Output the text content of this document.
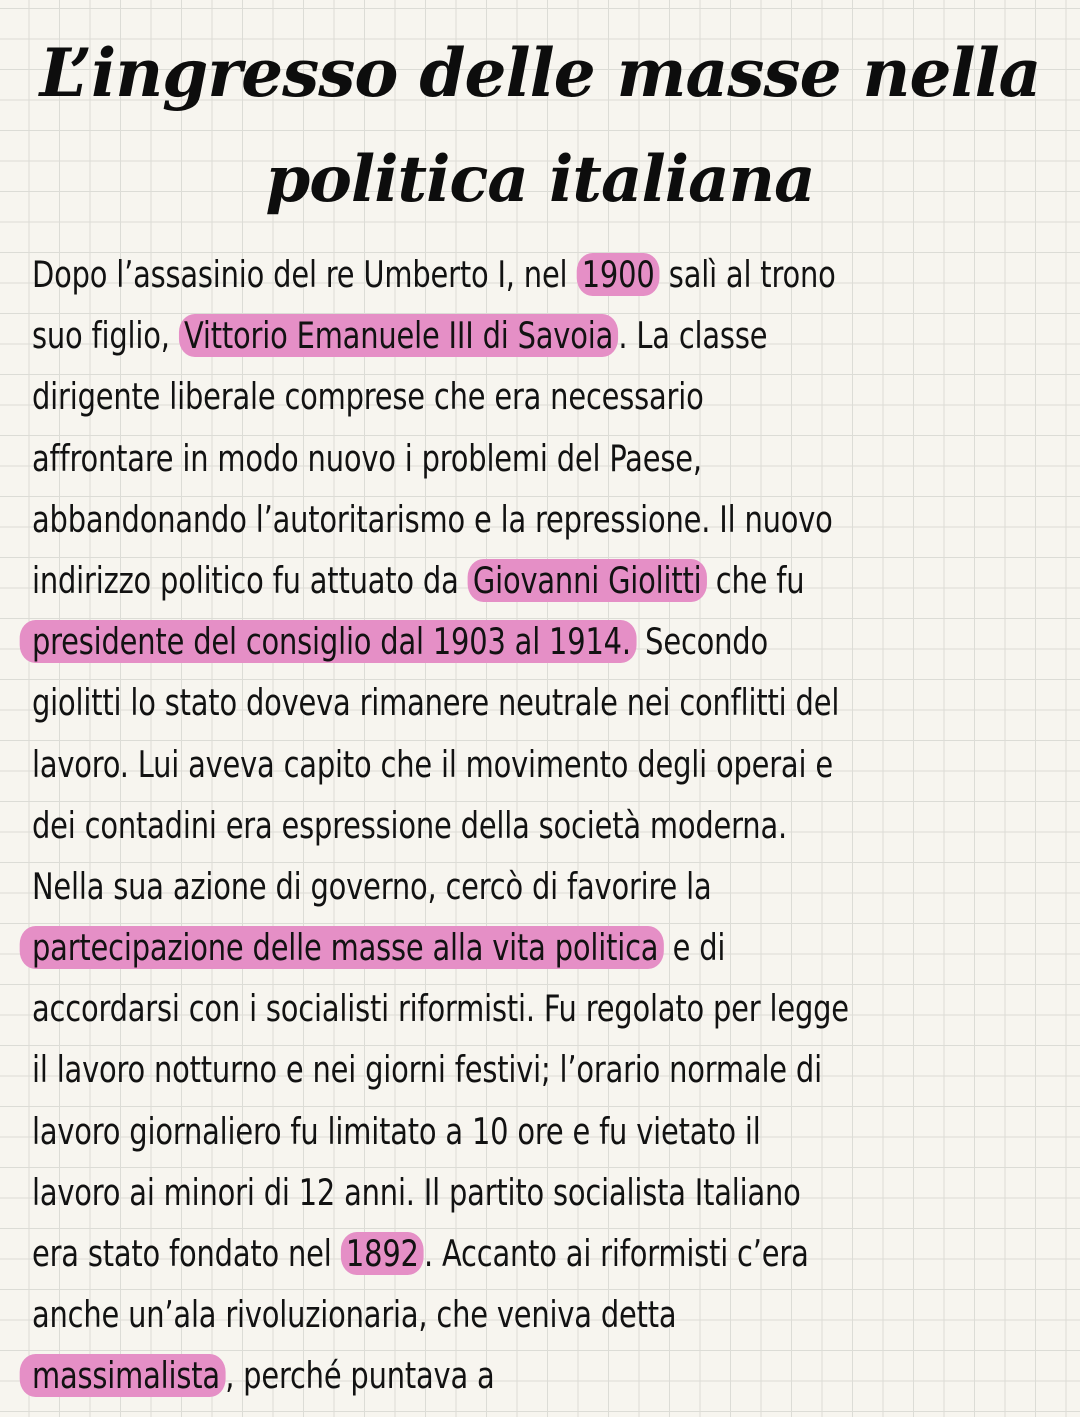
L’ingresso delle masse nella
politica italiana
Dopo l’assasinio del re Umberto I, nel 1900 salì al trono
suo figlio, Vittorio Emanuele III di Savoia . La classe
dirigente liberale comprese che era necessario
affrontare in modo nuovo i problemi del Paese,
abbandonando l’autoritarismo e la repressione. Il nuovo
indirizzo politico fu attuato da Giovanni Giolitti che fu
presidente del consiglio dal 1903 al 1914. Secondo
giolitti lo stato doveva rimanere neutrale nei conflitti del
lavoro. Lui aveva capito che il movimento degli operai e
dei contadini era espressione della società moderna.
Nella sua azione di governo, cercò di favorire la
partecipazione delle masse alla vita politica e di
accordarsi con i socialisti riformisti. Fu regolato per legge
il lavoro notturno e nei giorni festivi; l’orario normale di
lavoro giornaliero fu limitato a 10 ore e fu vietato il
lavoro ai minori di 12 anni. Il partito socialista Italiano
era stato fondato nel 1892 . Accanto ai riformisti c’era
anche un’ala rivoluzionaria, che veniva detta
massimalista , perché puntava a
